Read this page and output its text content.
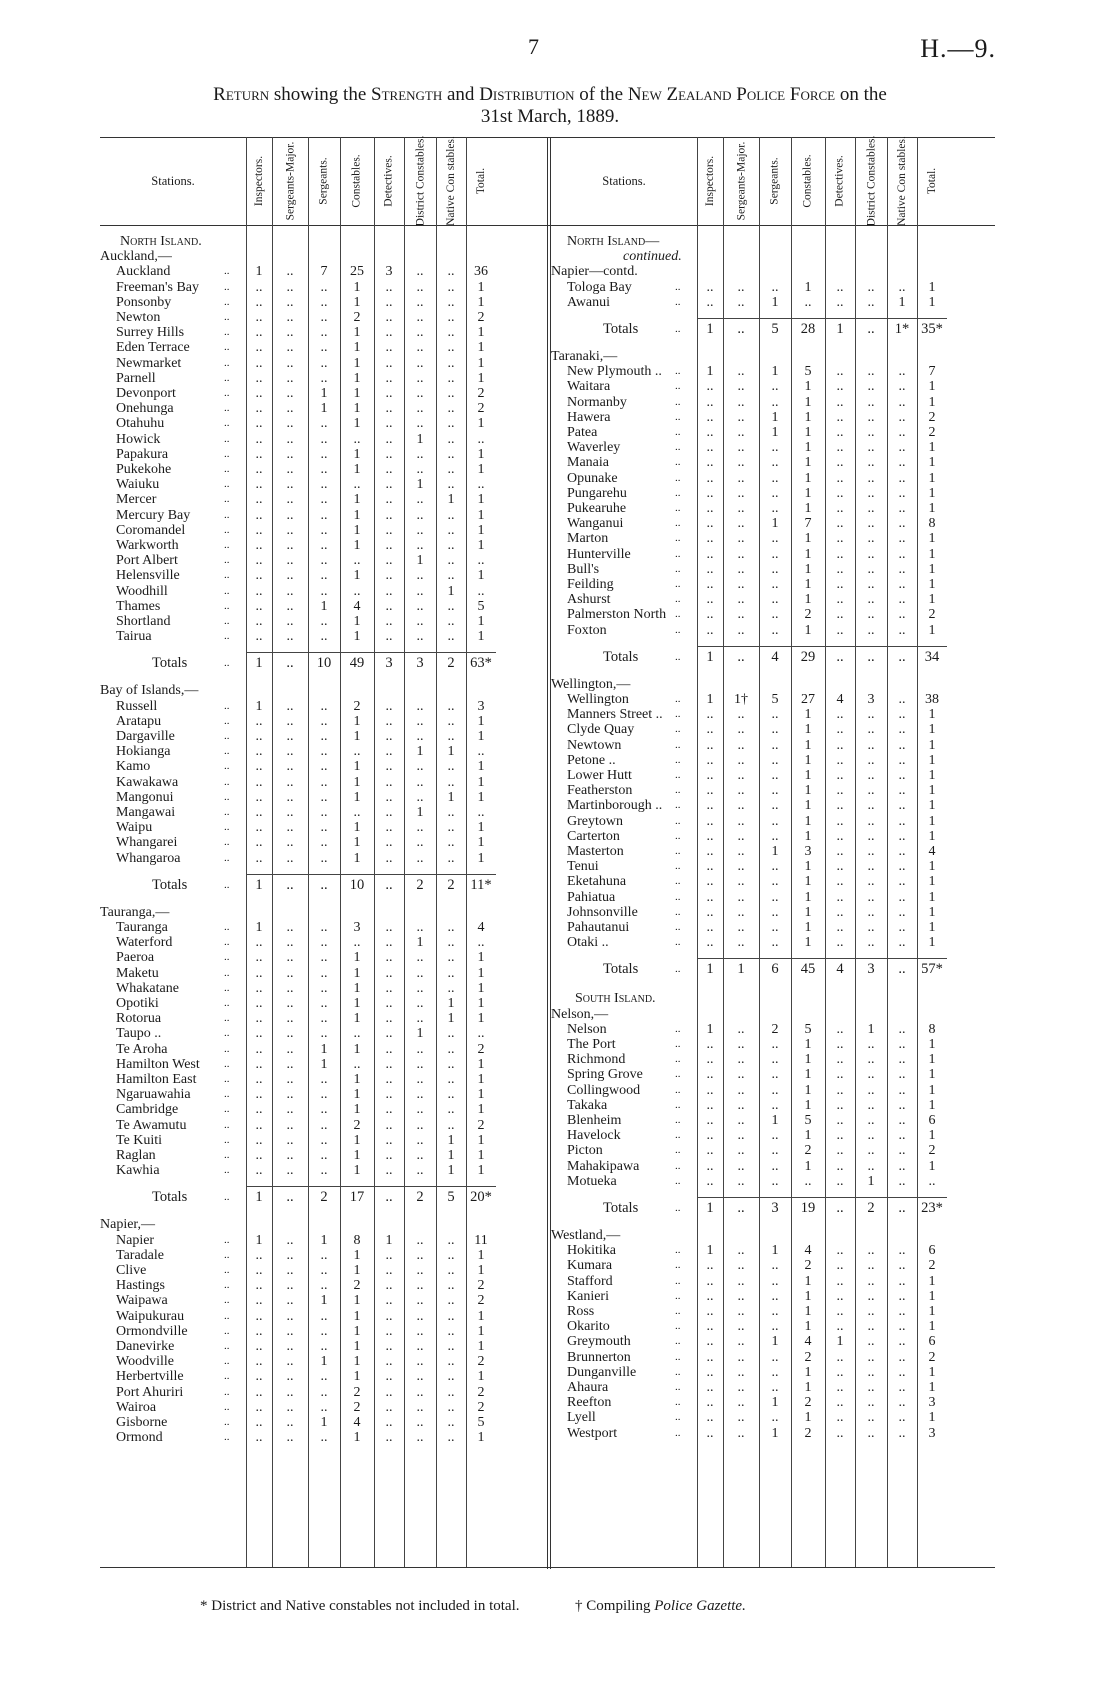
7	H.—9.
Return showing the Strength and Distribution of the New Zealand Police Force on the
31st March, 1889.
Stations.	Inspectors. Sergeants-Major. Sergeants. Constables. Detectives. District Constables. Native Con stables. Total.
North Island.
Auckland,—
Auckland	..	1	..	7	25	3	..	..	36
Freeman's Bay ..	..	..	..	1	..	..	..	1
Ponsonby	..	..	..	..	1	..	..	..	1
Newton	..	..	..	..	2	..	..	..	2
Surrey Hills	..	..	..	..	1	..	..	..	1
Eden Terrace	..	..	..	..	1	..	..	..	1
Newmarket	..	..	..	..	1	..	..	..	1
Parnell	..	..	..	..	1	..	..	..	1
Devonport	..	..	..	1	1	..	..	..	2
Onehunga	..	..	..	1	1	..	..	..	2
Otahuhu	..	..	..	..	1	..	..	..	1
Howick	..	..	..	..	..	..	1	..	..
Papakura	..	..	..	..	1	..	..	..	1
Pukekohe	..	..	..	..	1	..	..	..	1
Waiuku	..	..	..	..	..	..	1	..	..
Mercer	..	..	..	..	1	..	..	1	1
Mercury Bay	..	..	..	..	1	..	..	..	1
Coromandel	..	..	..	..	1	..	..	..	1
Warkworth	..	..	..	..	1	..	..	..	1
Port Albert	..	..	..	..	..	..	1	..	..
Helensville	..	..	..	..	1	..	..	..	1
Woodhill	..	..	..	..	..	..	..	1	..
Thames	..	..	..	1	4	..	..	..	5
Shortland	..	..	..	..	1	..	..	..	1
Tairua	..	..	..	..	1	..	..	..	1
Totals	..	1	..	10	49	3	3	2	63*
Bay of Islands,—
Russell	..	1	..	..	2	..	..	..	3
Aratapu	..	..	..	..	1	..	..	..	1
Dargaville	..	..	..	..	1	..	..	..	1
Hokianga	..	..	..	..	..	..	1	1	..
Kamo	..	..	..	..	1	..	..	..	1
Kawakawa	..	..	..	..	1	..	..	..	1
Mangonui	..	..	..	..	1	..	..	1	1
Mangawai	..	..	..	..	..	..	1	..	..
Waipu	..	..	..	..	1	..	..	..	1
Whangarei	..	..	..	..	1	..	..	..	1
Whangaroa	..	..	..	..	1	..	..	..	1
Totals	..	1	..	..	10	..	2	2	11*
Tauranga,—
Tauranga	..	1	..	..	3	..	..	..	4
Waterford	..	..	..	..	..	..	1	..	..
Paeroa	..	..	..	..	1	..	..	..	1
Maketu	..	..	..	..	1	..	..	..	1
Whakatane	..	..	..	..	1	..	..	..	1
Opotiki	..	..	..	..	1	..	..	1	1
Rotorua	..	..	..	..	1	..	..	1	1
Taupo ..	..	..	..	..	..	..	1	..	..
Te Aroha	..	..	..	1	1	..	..	..	2
Hamilton West ..	..	..	1	..	..	..	..	1
Hamilton East	..	..	..	..	1	..	..	..	1
Ngaruawahia	..	..	..	..	1	..	..	..	1
Cambridge	..	..	..	..	1	..	..	..	1
Te Awamutu	..	..	..	..	2	..	..	..	2
Te Kuiti	..	..	..	..	1	..	..	1	1
Raglan	..	..	..	..	1	..	..	1	1
Kawhia	..	..	..	..	1	..	..	1	1
Totals	..	1	..	2	17	..	2	5	20*
Napier,—
Napier	..	1	..	1	8	1	..	..	11
Taradale	..	..	..	..	1	..	..	..	1
Clive	..	..	..	..	1	..	..	..	1
Hastings	..	..	..	..	2	..	..	..	2
Waipawa	..	..	..	1	1	..	..	..	2
Waipukurau	..	..	..	..	1	..	..	..	1
Ormondville	..	..	..	..	1	..	..	..	1
Danevirke	..	..	..	..	1	..	..	..	1
Woodville	..	..	..	1	1	..	..	..	2
Herbertville	..	..	..	..	1	..	..	..	1
Port Ahuriri	..	..	..	..	2	..	..	..	2
Wairoa	..	..	..	..	2	..	..	..	2
Gisborne	..	..	..	1	4	..	..	..	5
Ormond	..	..	..	..	1	..	..	..	1
Stations.	Inspectors. Sergeants-Major. Sergeants. Constables. Detectives. District Constables. Native Con stables. Total.
North Island—
continued.
Napier—contd.
Tologa Bay	..	..	..	..	1	..	..	..	1
Awanui	..	..	..	1	..	..	..	1	1
Totals	..	1	..	5	28	1	..	1* 35*
Taranaki,—
New Plymouth .. ..	1	..	1	5	..	..	..	7
Waitara	..	..	..	..	1	..	..	..	1
Normanby	..	..	..	..	1	..	..	..	1
Hawera	..	..	..	1	1	..	..	..	2
Patea	..	..	..	1	1	..	..	..	2
Waverley	..	..	..	..	1	..	..	..	1
Manaia	..	..	..	..	1	..	..	..	1
Opunake	..	..	..	..	1	..	..	..	1
Pungarehu	..	..	..	..	1	..	..	..	1
Pukearuhe	..	..	..	..	1	..	..	..	1
Wanganui	..	..	..	1	7	..	..	..	8
Marton	..	..	..	..	1	..	..	..	1
Hunterville	..	..	..	..	1	..	..	..	1
Bull's	..	..	..	..	1	..	..	..	1
Feilding	..	..	..	..	1	..	..	..	1
Ashurst	..	..	..	..	1	..	..	..	1
Palmerston North ..	..	..	..	2	..	..	..	2
Foxton	..	..	..	..	1	..	..	..	1
Totals	..	1	..	4	29	..	..	..	34
Wellington,—
Wellington	..	1	1†	5	27	4	3	..	38
Manners Street .. ..	..	..	..	1	..	..	..	1
Clyde Quay	..	..	..	..	1	..	..	..	1
Newtown	..	..	..	..	1	..	..	..	1
Petone ..	..	..	..	..	1	..	..	..	1
Lower Hutt	..	..	..	..	1	..	..	..	1
Featherston	..	..	..	..	1	..	..	..	1
Martinborough .. ..	..	..	..	1	..	..	..	1
Greytown	..	..	..	..	1	..	..	..	1
Carterton	..	..	..	..	1	..	..	..	1
Masterton	..	..	..	1	3	..	..	..	4
Tenui	..	..	..	..	1	..	..	..	1
Eketahuna	..	..	..	..	1	..	..	..	1
Pahiatua	..	..	..	..	1	..	..	..	1
Johnsonville	..	..	..	..	1	..	..	..	1
Pahautanui	..	..	..	..	1	..	..	..	1
Otaki ..	..	..	..	..	1	..	..	..	1
Totals	..	1	1	6	45	4	3	..	57*
South Island.
Nelson,—
Nelson	..	1	..	2	5	..	1	..	8
The Port	..	..	..	..	1	..	..	..	1
Richmond	..	..	..	..	1	..	..	..	1
Spring Grove	..	..	..	..	1	..	..	..	1
Collingwood	..	..	..	..	1	..	..	..	1
Takaka	..	..	..	..	1	..	..	..	1
Blenheim	..	..	..	1	5	..	..	..	6
Havelock	..	..	..	..	1	..	..	..	1
Picton	..	..	..	..	2	..	..	..	2
Mahakipawa	..	..	..	..	1	..	..	..	1
Motueka	..	..	..	..	..	..	1	..	..
Totals	..	1	..	3	19	..	2	..	23*
Westland,—
Hokitika	..	1	..	1	4	..	..	..	6
Kumara	..	..	..	..	2	..	..	..	2
Stafford	..	..	..	..	1	..	..	..	1
Kanieri	..	..	..	..	1	..	..	..	1
Ross	..	..	..	..	1	..	..	..	1
Okarito	..	..	..	..	1	..	..	..	1
Greymouth	..	..	..	1	4	1	..	..	6
Brunnerton	..	..	..	..	2	..	..	..	2
Dunganville	..	..	..	..	1	..	..	..	1
Ahaura	..	..	..	..	1	..	..	..	1
Reefton	..	..	..	1	2	..	..	..	3
Lyell	..	..	..	..	1	..	..	..	1
Westport	..	..	..	1	2	..	..	..	3
* District and Native constables not included in total.	† Compiling Police Gazette.
